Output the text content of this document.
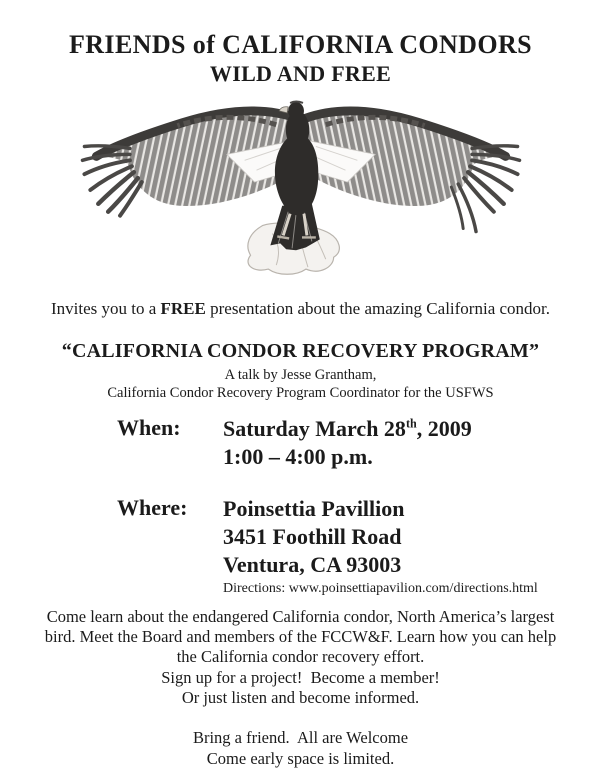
FRIENDS of CALIFORNIA CONDORS
WILD AND FREE

Invites you to a FREE presentation about the amazing California condor.

“CALIFORNIA CONDOR RECOVERY PROGRAM”
A talk by Jesse Grantham,
California Condor Recovery Program Coordinator for the USFWS
When:	Saturday March 28th, 2009
1:00 – 4:00 p.m.
Where:	Poinsettia Pavillion
3451 Foothill Road
Ventura, CA 93003
Directions: www.poinsettiapavilion.com/directions.html
Come learn about the endangered California condor, North America’s largest
bird. Meet the Board and members of the FCCW&F. Learn how you can help
the California condor recovery effort.
Sign up for a project!  Become a member!
Or just listen and become informed.
Bring a friend.  All are Welcome
Come early space is limited.
